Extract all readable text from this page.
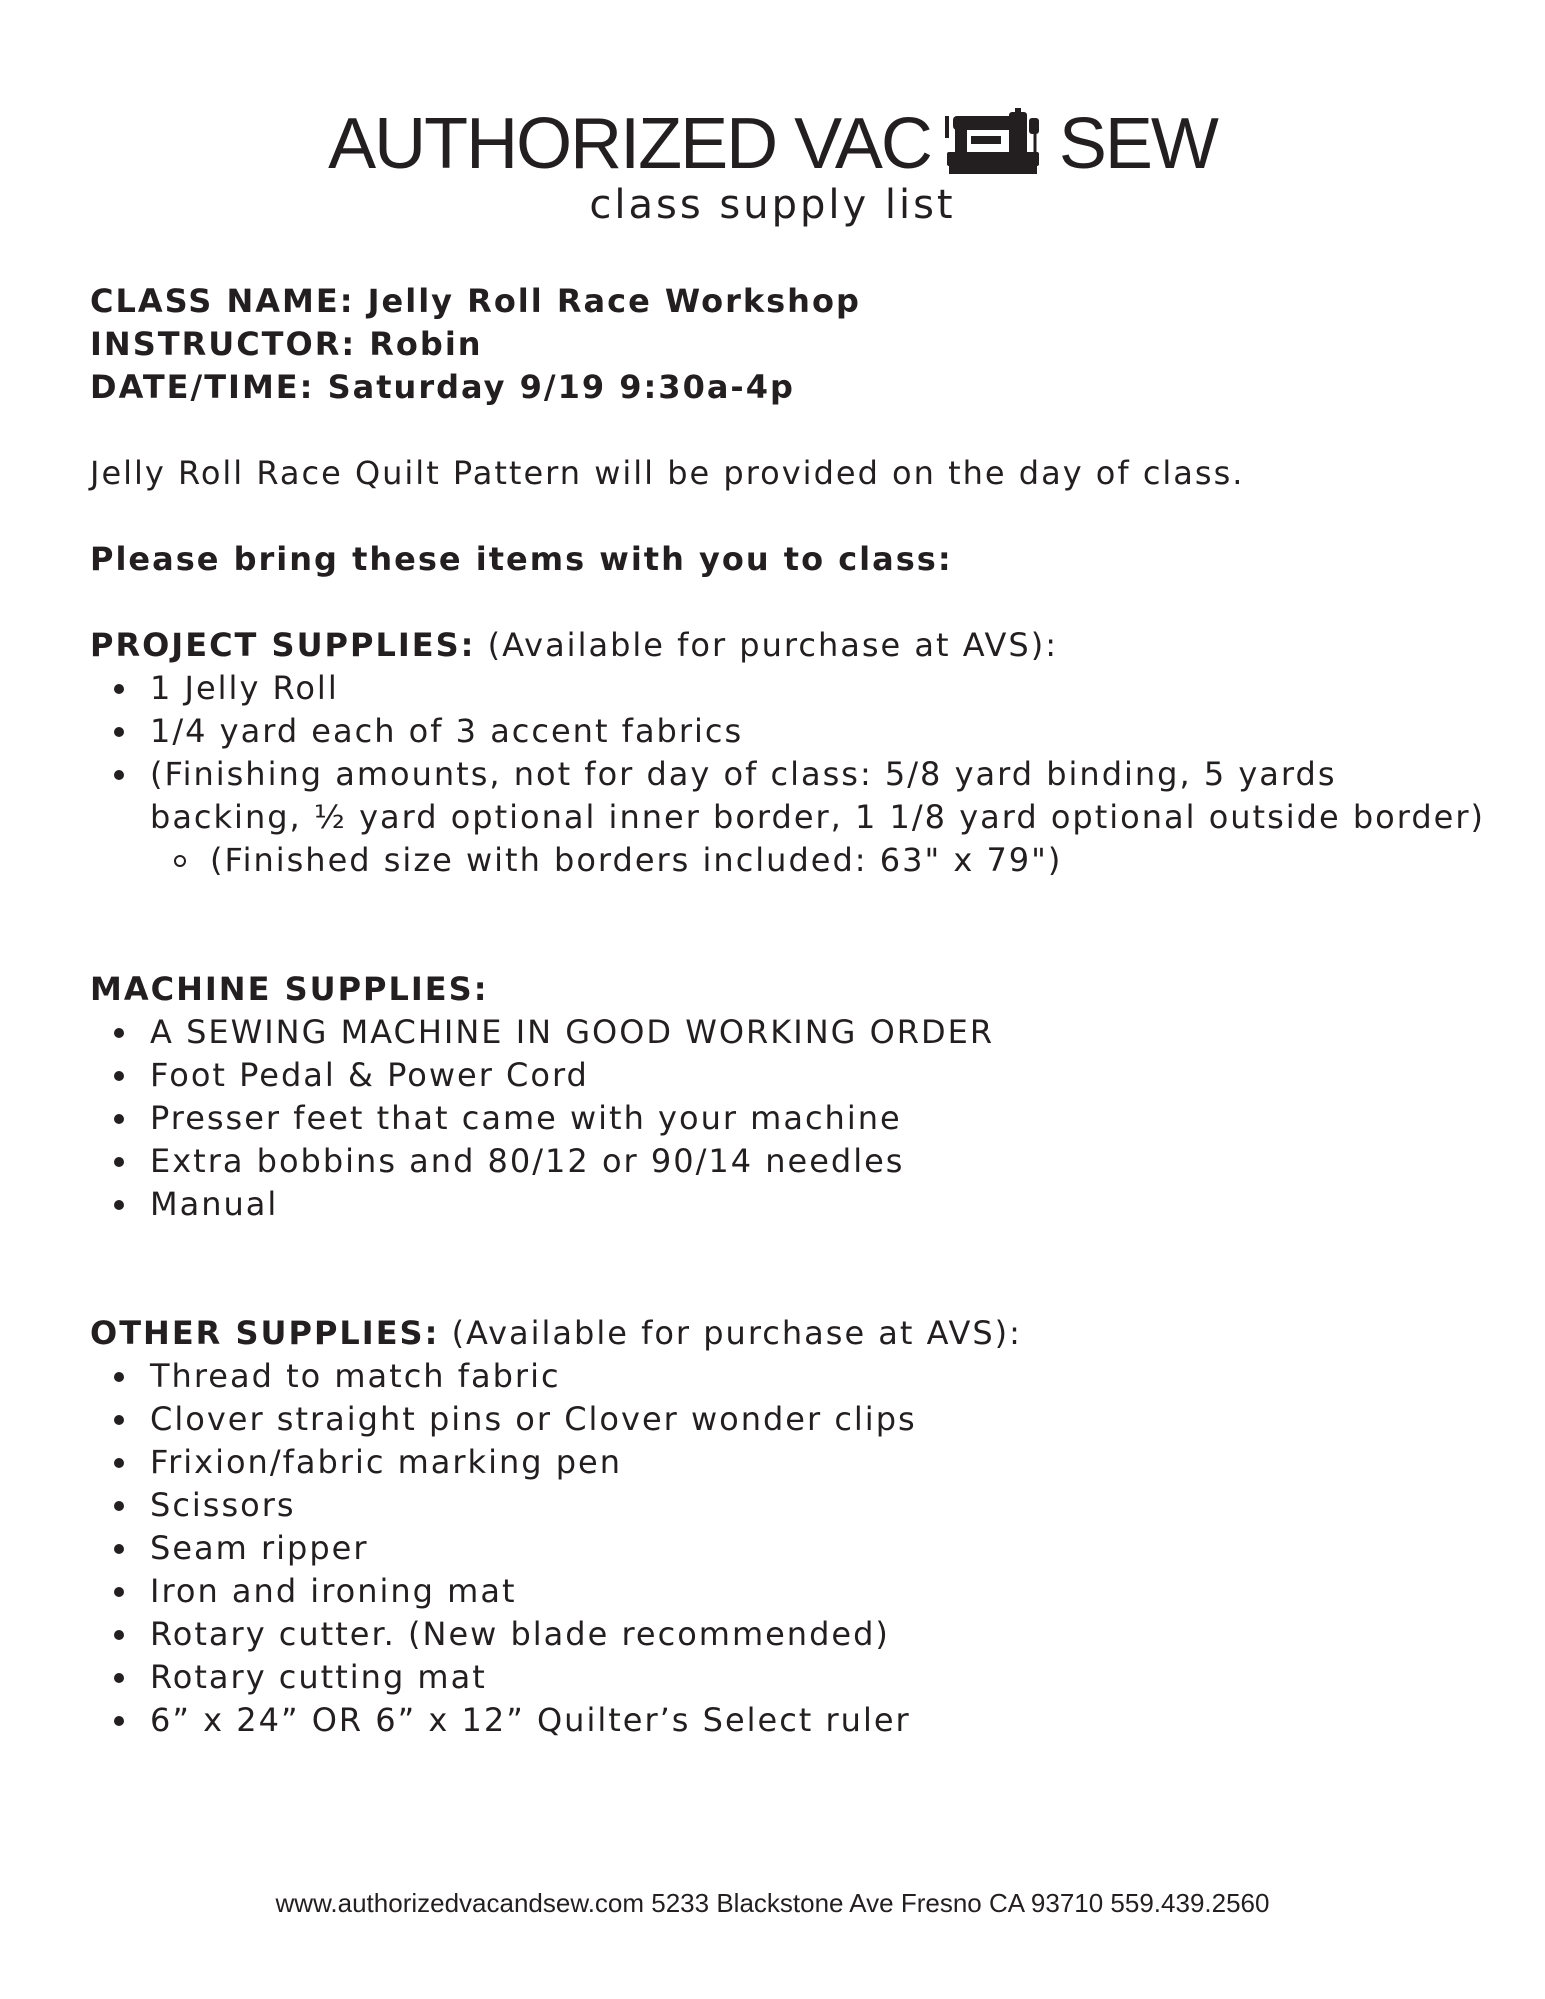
AUTHORIZED VAC SEW
class supply list

CLASS NAME: Jelly Roll Race Workshop

INSTRUCTOR: Robin

DATE/TIME: Saturday 9/19 9:30a-4p

Jelly Roll Race Quilt Pattern will be provided on the day of class.

Please bring these items with you to class:

PROJECT SUPPLIES: (Available for purchase at AVS):

1 Jelly Roll
1/4 yard each of 3 accent fabrics
(Finishing amounts, not for day of class: 5/8 yard binding, 5 yards backing, ½ yard optional inner border, 1 1/8 yard optional outside border)
(Finished size with borders included: 63" x 79")

MACHINE SUPPLIES:

A SEWING MACHINE IN GOOD WORKING ORDER
Foot Pedal & Power Cord
Presser feet that came with your machine
Extra bobbins and 80/12 or 90/14 needles
Manual

OTHER SUPPLIES: (Available for purchase at AVS):

Thread to match fabric
Clover straight pins or Clover wonder clips
Frixion/fabric marking pen
Scissors
Seam ripper
Iron and ironing mat
Rotary cutter. (New blade recommended)
Rotary cutting mat
6” x 24” OR 6” x 12” Quilter’s Select ruler
www.authorizedvacandsew.com 5233 Blackstone Ave Fresno CA 93710 559.439.2560
